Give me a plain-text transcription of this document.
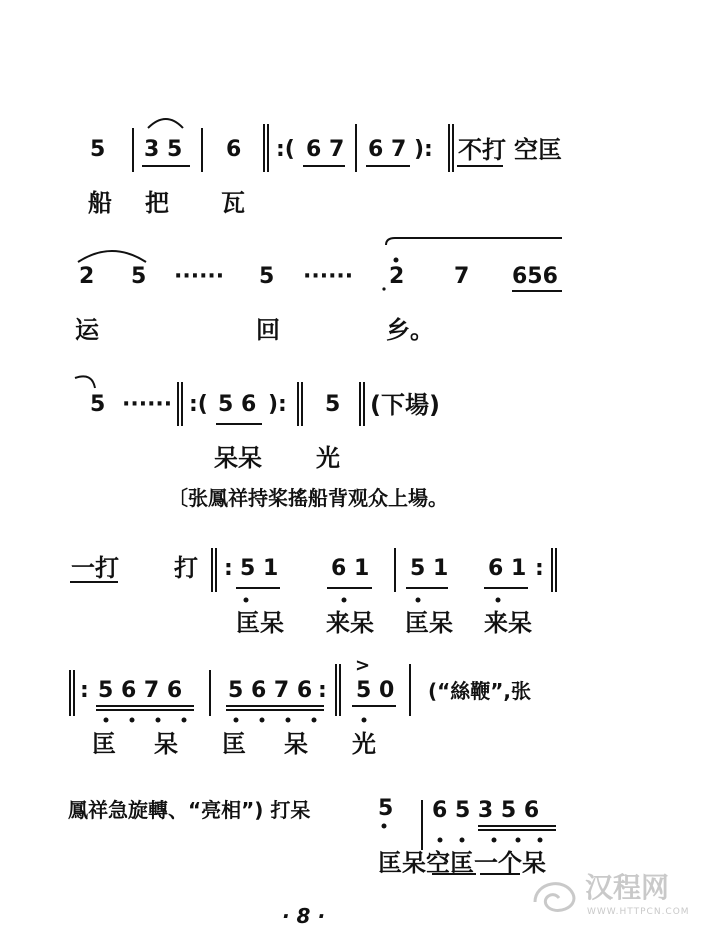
5 3 5 6 :( 6 7 6 7 ): 不打 空匡
船 把 瓦
2 5 ······ 5 ······ 2 7 656
运	回	乡。
5 ······ :( 5 6 ): 5 (下場)
呆呆 光
〔张鳳祥持桨搖船背观众上場。
一打 打 : 5 1 6 1 5 1 6 1 :
匡呆 来呆 匡呆 来呆
: 5 6 7 6 5 6 7 6 :
>
5 0 (“絲鞭”,张
匡 呆 匡 呆 光
鳳祥急旋轉、“亮相”) 打呆	5 6 5 3 5 6
匡呆空匡一个呆
· 8 ·
汉程网
WWW.HTTPCN.COM
